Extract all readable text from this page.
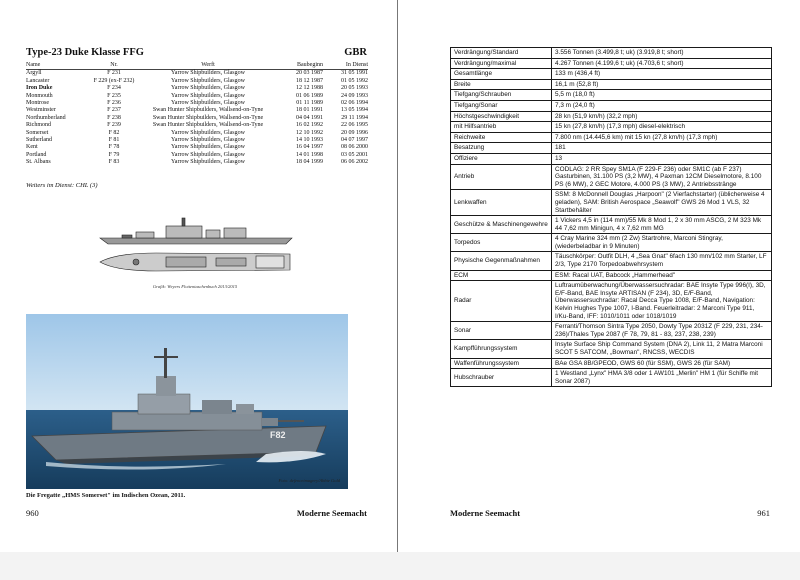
Type-23 Duke Klasse FFG	GBR
Name	Nr.	Werft	Baubeginn	In Dienst
Argyll	F 231	Yarrow Shipbuilders, Glasgow	20 03 1987	31 05 1991
Lancaster	F 229 (ex-F 232)	Yarrow Shipbuilders, Glasgow	18 12 1987	01 05 1992
Iron Duke	F 234	Yarrow Shipbuilders, Glasgow	12 12 1988	20 05 1993
Monmouth	F 235	Yarrow Shipbuilders, Glasgow	01 06 1989	24 09 1993
Montrose	F 236	Yarrow Shipbuilders, Glasgow	01 11 1989	02 06 1994
Westminster	F 237	Swan Hunter Shipbuilders, Wallsend-on-Tyne	18 01 1991	13 05 1994
Northumberland	F 238	Swan Hunter Shipbuilders, Wallsend-on-Tyne	04 04 1991	29 11 1994
Richmond	F 239	Swan Hunter Shipbuilders, Wallsend-on-Tyne	16 02 1992	22 06 1995
Somerset	F 82	Yarrow Shipbuilders, Glasgow	12 10 1992	20 09 1996
Sutherland	F 81	Yarrow Shipbuilders, Glasgow	14 10 1993	04 07 1997
Kent	F 78	Yarrow Shipbuilders, Glasgow	16 04 1997	08 06 2000
Portland	F 79	Yarrow Shipbuilders, Glasgow	14 01 1998	03 05 2001
St. Albans	F 83	Yarrow Shipbuilders, Glasgow	18 04 1999	06 06 2002
Weiters im Dienst: CHL (3)
Grafik: Weyers Flottentaschenbuch 2013/2015
F82
Foto: defenceimagery/Abbie Gold
Die Fregatte „HMS Somerset" im Indischen Ozean, 2011.
960	Moderne Seemacht
Verdrängung/Standard	3.556 Tonnen (3.499,8 t; uk) (3.919,8 t; short)
Verdrängung/maximal	4.267 Tonnen (4.199,6 t; uk) (4.703,6 t; short)
Gesamtlänge	133 m (436,4 ft)
Breite	16,1 m (52,8 ft)
Tiefgang/Schrauben	5,5 m (18,0 ft)
Tiefgang/Sonar	7,3 m (24,0 ft)
Höchstgeschwindigkeit	28 kn (51,9 km/h) (32,2 mph)
mit Hilfsantrieb	15 kn (27,8 km/h) (17,3 mph) diesel-elektrisch
Reichweite	7.800 nm (14.445,6 km) mit 15 kn (27,8 km/h) (17,3 mph)
Besatzung	181
Offiziere	13
Antrieb	CODLAG: 2 RR Spey SM1A (F 229-F 236) oder SM1C (ab F 237) Gasturbinen, 31.100 PS (3,2 MW), 4 Paxman 12CM Dieselmotore, 8.100 PS (6 MW), 2 GEC Motore, 4.000 PS (3 MW), 2 Antriebsstränge
Lenkwaffen	SSM: 8 McDonnell Douglas „Harpoon" (2 Vierfachstarter) (üblicherweise 4 geladen), SAM: British Aerospace „Seawolf" GWS 26 Mod 1 VLS, 32 Startbehälter
Geschütze & Maschinengewehre	1 Vickers 4,5 in (114 mm)/55 Mk 8 Mod 1, 2 x 30 mm ASCG, 2 M 323 Mk 44 7,62 mm Minigun, 4 x 7,62 mm MG
Torpedos	4 Cray Marine 324 mm (2 Zw) Startrohre, Marconi Stingray, (wiederbeladbar in 9 Minuten)
Physische Gegenmaßnahmen	Täuschkörper: Outfit DLH, 4 „Sea Gnat" 6fach 130 mm/102 mm Starter, LF 2/3, Type 2170 Torpedoabwehrsystem
ECM	ESM: Racal UAT, Babcock „Hammerhead"
Radar	Luftraumüberwachung/Überwassersuchradar: BAE Insyte Type 996(I), 3D, E/F-Band, BAE Insyte ARTISAN (F 234), 3D, E/F-Band, Überwassersuchradar: Racal Decca Type 1008, E/F-Band, Navigation: Kelvin Hughes Type 1007, I-Band. Feuerleitradar: 2 Marconi Type 911, I/Ku-Band, IFF: 1010/1011 oder 1018/1019
Sonar	Ferranti/Thomson Sintra Type 2050, Dowty Type 2031Z (F 229, 231, 234-236)/Thales Type 2087 (F 78, 79, 81 - 83, 237, 238, 239)
Kampfführungssystem	Insyte Surface Ship Command System (DNA 2), Link 11, 2 Matra Marconi SCOT 5 SATCOM, „Bowman", RNCSS, WECDIS
Waffenführungssystem	BAe GSA 8B/GPEOD, GWS 60 (für SSM), GWS 26 (für SAM)
Hubschrauber	1 Westland „Lynx" HMA 3/8 oder 1 AW101 „Merlin" HM 1 (für Schiffe mit Sonar 2087)
Moderne Seemacht	961
